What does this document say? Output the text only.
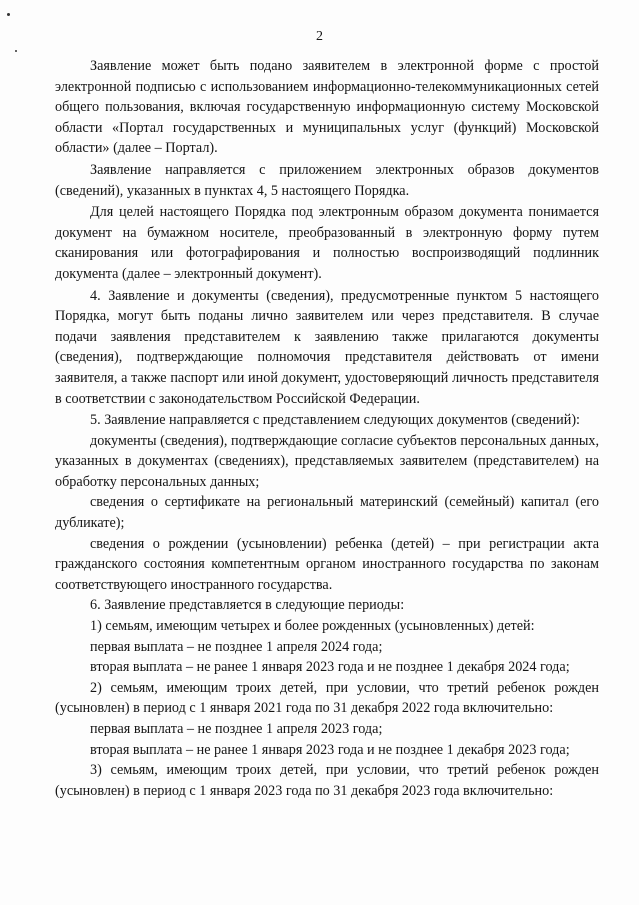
2

Заявление может быть подано заявителем в электронной форме с простой электронной подписью с использованием информационно-телекоммуникационных сетей общего пользования, включая государственную информационную систему Московской области «Портал государственных и муниципальных услуг (функций) Московской области» (далее – Портал).

Заявление направляется с приложением электронных образов документов (сведений), указанных в пунктах 4, 5 настоящего Порядка.

Для целей настоящего Порядка под электронным образом документа понимается документ на бумажном носителе, преобразованный в электронную форму путем сканирования или фотографирования и полностью воспроизводящий подлинник документа (далее – электронный документ).

4. Заявление и документы (сведения), предусмотренные пунктом 5 настоящего Порядка, могут быть поданы лично заявителем или через представителя. В случае подачи заявления представителем к заявлению также прилагаются документы (сведения), подтверждающие полномочия представителя действовать от имени заявителя, а также паспорт или иной документ, удостоверяющий личность представителя в соответствии с законодательством Российской Федерации.

5. Заявление направляется с представлением следующих документов (сведений):

документы (сведения), подтверждающие согласие субъектов персональных данных, указанных в документах (сведениях), представляемых заявителем (представителем) на обработку персональных данных;

сведения о сертификате на региональный материнский (семейный) капитал (его дубликате);

сведения о рождении (усыновлении) ребенка (детей) – при регистрации акта гражданского состояния компетентным органом иностранного государства по законам соответствующего иностранного государства.

6. Заявление представляется в следующие периоды:

1) семьям, имеющим четырех и более рожденных (усыновленных) детей:

первая выплата – не позднее 1 апреля 2024 года;

вторая выплата – не ранее 1 января 2023 года и не позднее 1 декабря 2024 года;

2) семьям, имеющим троих детей, при условии, что третий ребенок рожден (усыновлен) в период с 1 января 2021 года по 31 декабря 2022 года включительно:

первая выплата – не позднее 1 апреля 2023 года;

вторая выплата – не ранее 1 января 2023 года и не позднее 1 декабря 2023 года;

3) семьям, имеющим троих детей, при условии, что третий ребенок рожден (усыновлен) в период с 1 января 2023 года по 31 декабря 2023 года включительно:
